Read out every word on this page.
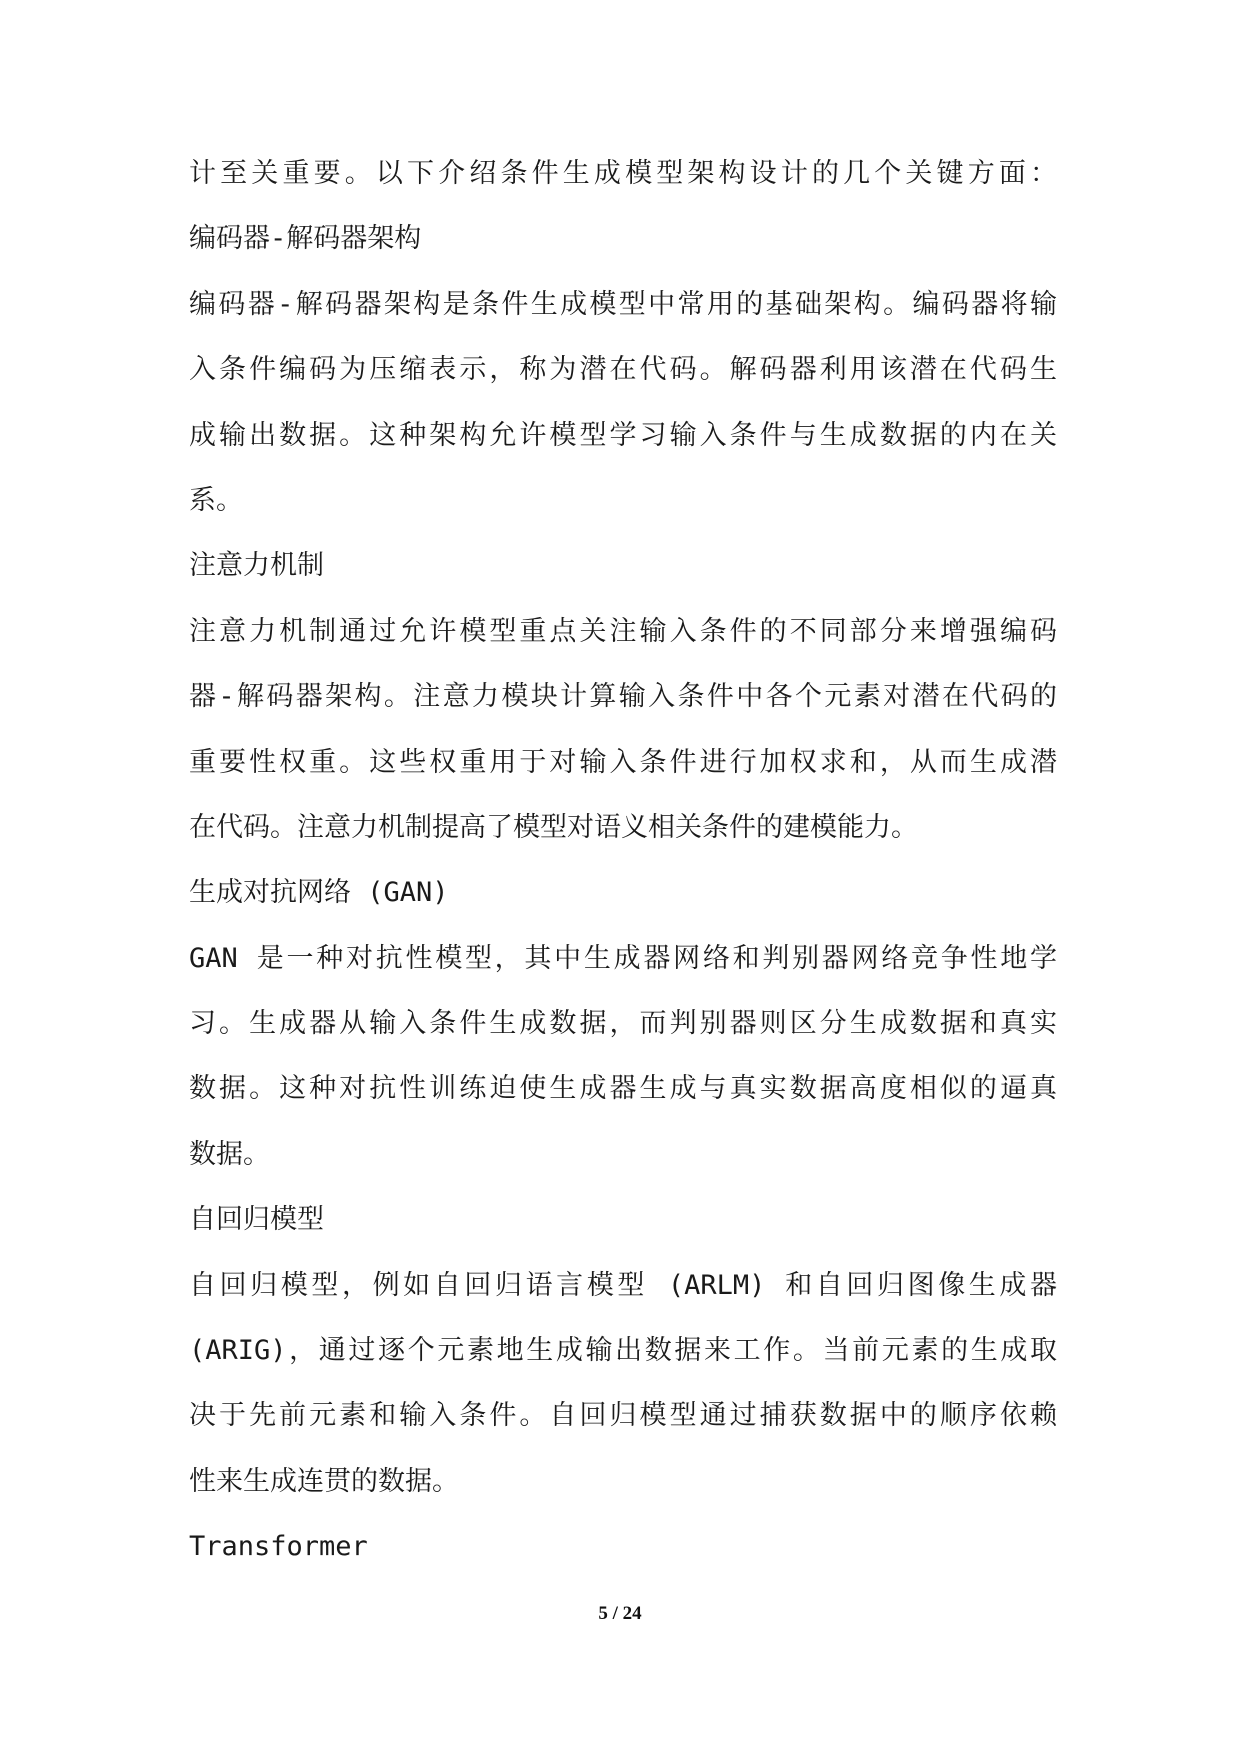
计至关重要。以下介绍条件生成模型架构设计的几个关键方面：
编码器-解码器架构
编码器-解码器架构是条件生成模型中常用的基础架构。编码器将输
入条件编码为压缩表示，称为潜在代码。解码器利用该潜在代码生
成输出数据。这种架构允许模型学习输入条件与生成数据的内在关
系。
注意力机制
注意力机制通过允许模型重点关注输入条件的不同部分来增强编码
器-解码器架构。注意力模块计算输入条件中各个元素对潜在代码的
重要性权重。这些权重用于对输入条件进行加权求和，从而生成潜
在代码。注意力机制提高了模型对语义相关条件的建模能力。
生成对抗网络 (GAN)
GAN 是一种对抗性模型，其中生成器网络和判别器网络竞争性地学
习。生成器从输入条件生成数据，而判别器则区分生成数据和真实
数据。这种对抗性训练迫使生成器生成与真实数据高度相似的逼真
数据。
自回归模型
自回归模型，例如自回归语言模型 (ARLM) 和自回归图像生成器
(ARIG)，通过逐个元素地生成输出数据来工作。当前元素的生成取
决于先前元素和输入条件。自回归模型通过捕获数据中的顺序依赖
性来生成连贯的数据。
Transformer
5 / 24
